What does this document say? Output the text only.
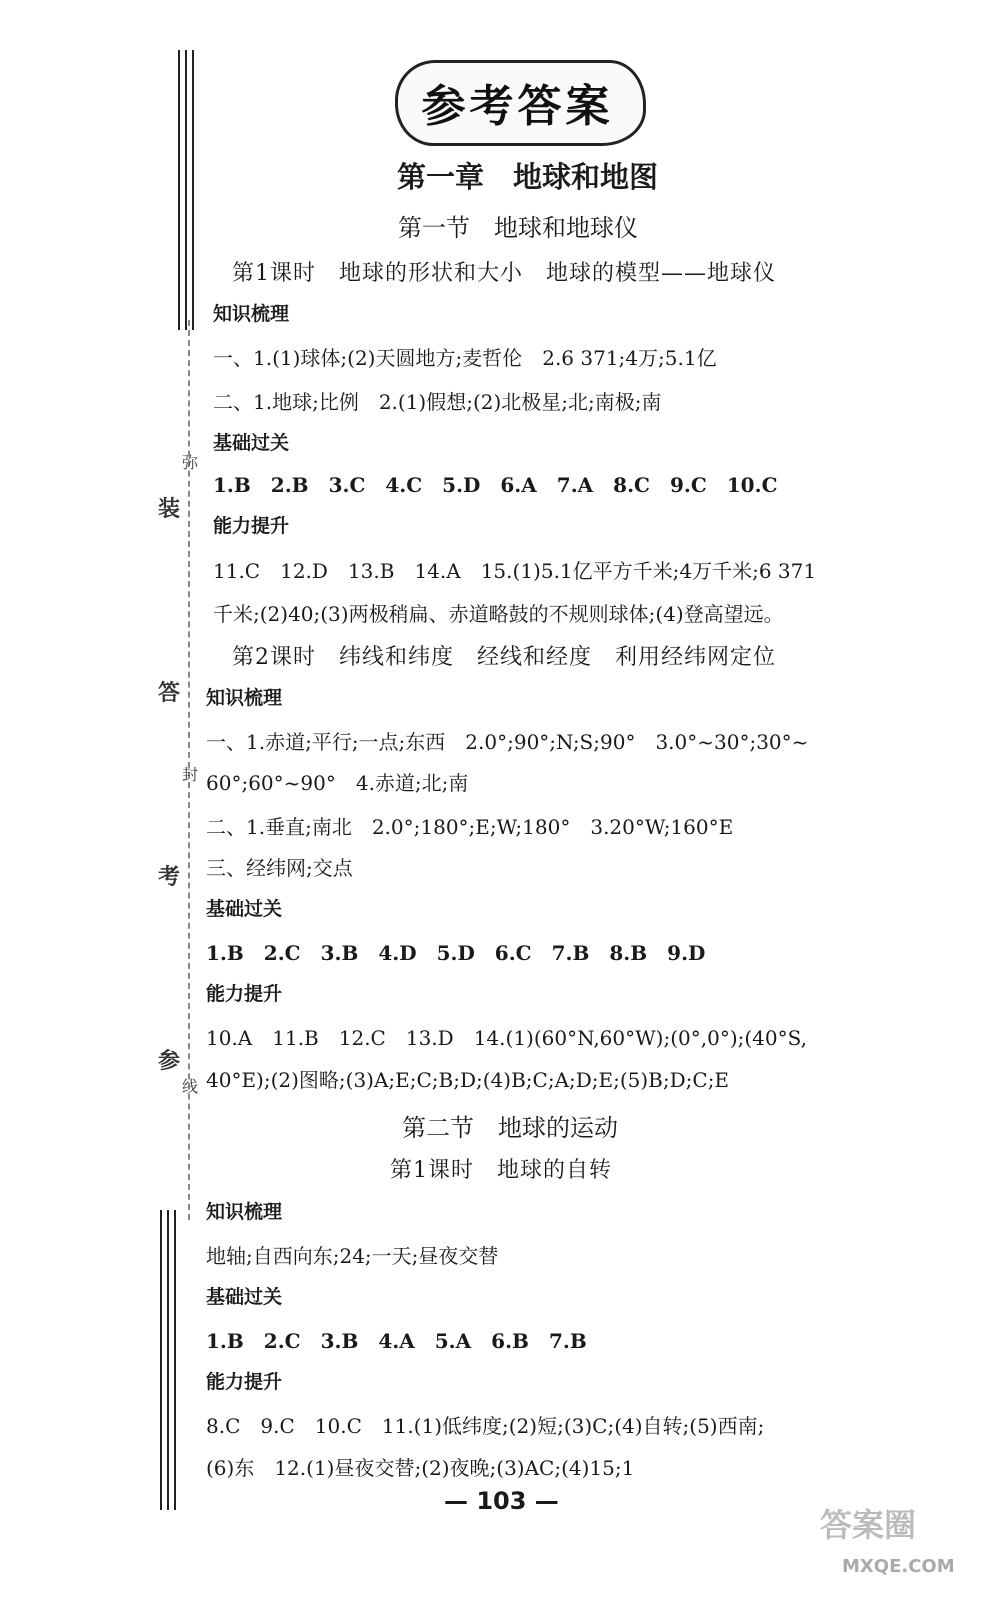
弥
装
答
封
考
参
线
参考答案
第一章　地球和地图
第一节　地球和地球仪
第1课时　地球的形状和大小　地球的模型——地球仪
知识梳理
一、1.(1)球体;(2)天圆地方;麦哲伦　2.6 371;4万;5.1亿
二、1.地球;比例　2.(1)假想;(2)北极星;北;南极;南
基础过关
1.B　2.B　3.C　4.C　5.D　6.A　7.A　8.C　9.C　10.C
能力提升
11.C　12.D　13.B　14.A　15.(1)5.1亿平方千米;4万千米;6 371
千米;(2)40;(3)两极稍扁、赤道略鼓的不规则球体;(4)登高望远。
第2课时　纬线和纬度　经线和经度　利用经纬网定位
知识梳理
一、1.赤道;平行;一点;东西　2.0°;90°;N;S;90°　3.0°~30°;30°~
60°;60°~90°　4.赤道;北;南
二、1.垂直;南北　2.0°;180°;E;W;180°　3.20°W;160°E
三、经纬网;交点
基础过关
1.B　2.C　3.B　4.D　5.D　6.C　7.B　8.B　9.D
能力提升
10.A　11.B　12.C　13.D　14.(1)(60°N,60°W);(0°,0°);(40°S,
40°E);(2)图略;(3)A;E;C;B;D;(4)B;C;A;D;E;(5)B;D;C;E
第二节　地球的运动
第1课时　地球的自转
知识梳理
地轴;自西向东;24;一天;昼夜交替
基础过关
1.B　2.C　3.B　4.A　5.A　6.B　7.B
能力提升
8.C　9.C　10.C　11.(1)低纬度;(2)短;(3)C;(4)自转;(5)西南;
(6)东　12.(1)昼夜交替;(2)夜晚;(3)AC;(4)15;1
— 103 —
答案圈
MXQE.COM
